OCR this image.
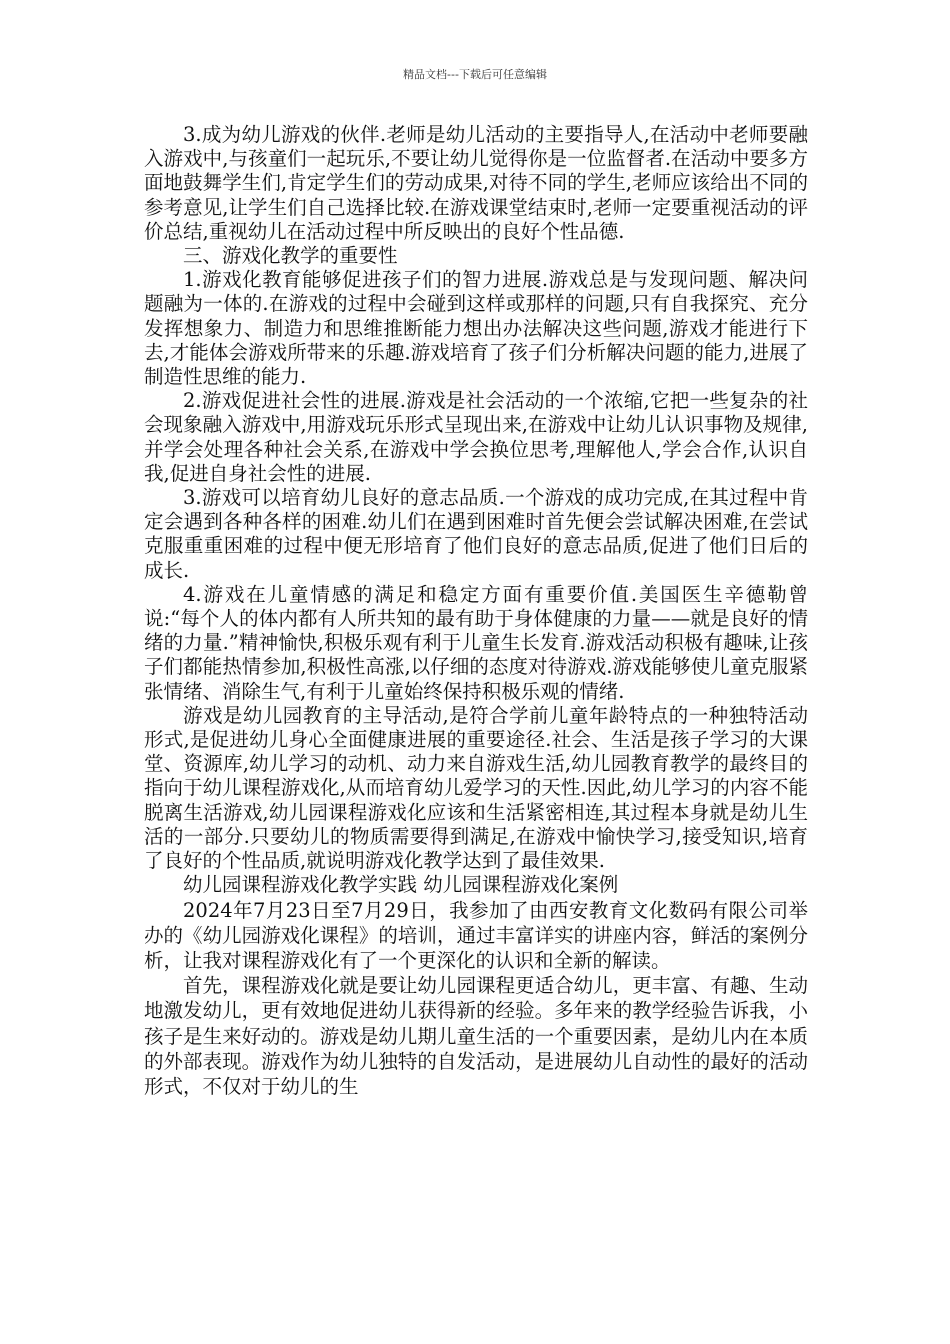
精品文档---下载后可任意编辑

3.成为幼儿游戏的伙伴.老师是幼儿活动的主要指导人,在活动中老师要融入游戏中,与孩童们一起玩乐,不要让幼儿觉得你是一位监督者.在活动中要多方面地鼓舞学生们,肯定学生们的劳动成果,对待不同的学生,老师应该给出不同的参考意见,让学生们自己选择比较.在游戏课堂结束时,老师一定要重视活动的评价总结,重视幼儿在活动过程中所反映出的良好个性品德.

三、游戏化教学的重要性

1.游戏化教育能够促进孩子们的智力进展.游戏总是与发现问题、解决问题融为一体的.在游戏的过程中会碰到这样或那样的问题,只有自我探究、充分发挥想象力、制造力和思维推断能力想出办法解决这些问题,游戏才能进行下去,才能体会游戏所带来的乐趣.游戏培育了孩子们分析解决问题的能力,进展了制造性思维的能力.

2.游戏促进社会性的进展.游戏是社会活动的一个浓缩,它把一些复杂的社会现象融入游戏中,用游戏玩乐形式呈现出来,在游戏中让幼儿认识事物及规律,并学会处理各种社会关系,在游戏中学会换位思考,理解他人,学会合作,认识自我,促进自身社会性的进展.

3.游戏可以培育幼儿良好的意志品质.一个游戏的成功完成,在其过程中肯定会遇到各种各样的困难.幼儿们在遇到困难时首先便会尝试解决困难,在尝试克服重重困难的过程中便无形培育了他们良好的意志品质,促进了他们日后的成长.

4.游戏在儿童情感的满足和稳定方面有重要价值.美国医生辛德勒曾说:“每个人的体内都有人所共知的最有助于身体健康的力量——就是良好的情绪的力量.”精神愉快,积极乐观有利于儿童生长发育.游戏活动积极有趣味,让孩子们都能热情参加,积极性高涨,以仔细的态度对待游戏.游戏能够使儿童克服紧张情绪、消除生气,有利于儿童始终保持积极乐观的情绪.

游戏是幼儿园教育的主导活动,是符合学前儿童年龄特点的一种独特活动形式,是促进幼儿身心全面健康进展的重要途径.社会、生活是孩子学习的大课堂、资源库,幼儿学习的动机、动力来自游戏生活,幼儿园教育教学的最终目的指向于幼儿课程游戏化,从而培育幼儿爱学习的天性.因此,幼儿学习的内容不能脱离生活游戏,幼儿园课程游戏化应该和生活紧密相连,其过程本身就是幼儿生活的一部分.只要幼儿的物质需要得到满足,在游戏中愉快学习,接受知识,培育了良好的个性品质,就说明游戏化教学达到了最佳效果.

幼儿园课程游戏化教学实践 幼儿园课程游戏化案例

2024年7月23日至7月29日，我参加了由西安教育文化数码有限公司举办的《幼儿园游戏化课程》的培训，通过丰富详实的讲座内容，鲜活的案例分析，让我对课程游戏化有了一个更深化的认识和全新的解读。

首先，课程游戏化就是要让幼儿园课程更适合幼儿，更丰富、有趣、生动地激发幼儿，更有效地促进幼儿获得新的经验。多年来的教学经验告诉我，小孩子是生来好动的。游戏是幼儿期儿童生活的一个重要因素，是幼儿内在本质的外部表现。游戏作为幼儿独特的自发活动，是进展幼儿自动性的最好的活动形式，不仅对于幼儿的生
